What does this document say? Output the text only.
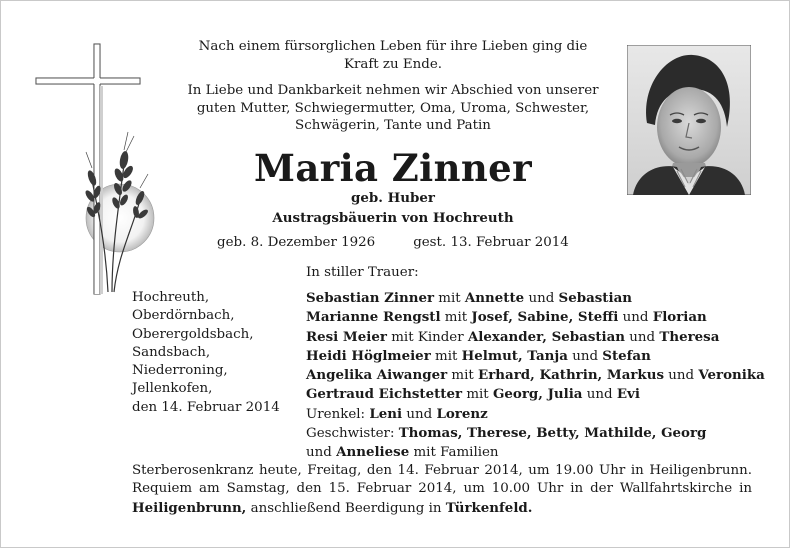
Nach einem fürsorglichen Leben für ihre Lieben ging die
Kraft zu Ende.

In Liebe und Dankbarkeit nehmen wir Abschied von unserer
guten Mutter, Schwiegermutter, Oma, Uroma, Schwester,
Schwägerin, Tante und Patin

Maria Zinner
geb. Huber
Austragsbäuerin von Hochreuth
geb. 8. Dezember 1926	gest. 13. Februar 2014
In stiller Trauer:
Hochreuth,
Oberdörnbach,
Oberergoldsbach,
Sandsbach,
Niederroning,
Jellenkofen,
den 14. Februar 2014
Sebastian Zinner mit Annette und Sebastian
Marianne Rengstl mit Josef, Sabine, Steffi und Florian
Resi Meier mit Kinder Alexander, Sebastian und Theresa
Heidi Höglmeier mit Helmut, Tanja und Stefan
Angelika Aiwanger mit Erhard, Kathrin, Markus und Veronika
Gertraud Eichstetter mit Georg, Julia und Evi
Urenkel: Leni und Lorenz
Geschwister: Thomas, Therese, Betty, Mathilde, Georg
und Anneliese mit Familien

Sterberosenkranz heute, Freitag, den 14. Februar 2014, um 19.00 Uhr in Heiligenbrunn.

Requiem am Samstag, den 15. Februar 2014, um 10.00 Uhr in der Wallfahrtskirche in

Heiligenbrunn, anschließend Beerdigung in Türkenfeld.
